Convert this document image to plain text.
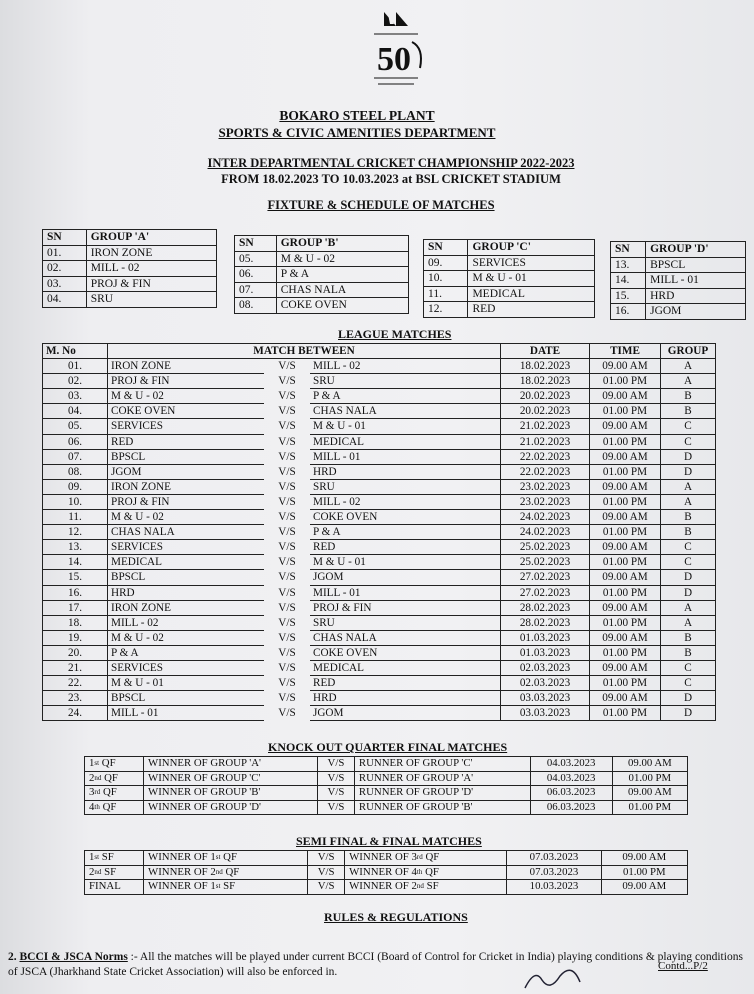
50
BOKARO STEEL PLANT
SPORTS & CIVIC AMENITIES DEPARTMENT
INTER DEPARTMENTAL CRICKET CHAMPIONSHIP 2022-2023
FROM 18.02.2023 TO 10.03.2023 at BSL CRICKET STADIUM
FIXTURE & SCHEDULE OF MATCHES
SN	GROUP 'A'
01.	IRON ZONE
02.	MILL - 02
03.	PROJ & FIN
04.	SRU
SN	GROUP 'B'
05.	M & U - 02
06.	P & A
07.	CHAS NALA
08.	COKE OVEN
SN	GROUP 'C'
09.	SERVICES
10.	M & U - 01
11.	MEDICAL
12.	RED
SN	GROUP 'D'
13.	BPSCL
14.	MILL - 01
15.	HRD
16.	JGOM
LEAGUE MATCHES
M. No	MATCH BETWEEN			DATE	TIME	GROUP
01.	IRON ZONE	V/S	MILL - 02	18.02.2023	09.00 AM	A
02.	PROJ & FIN	V/S	SRU	18.02.2023	01.00 PM	A
03.	M & U - 02	V/S	P & A	20.02.2023	09.00 AM	B
04.	COKE OVEN	V/S	CHAS NALA	20.02.2023	01.00 PM	B
05.	SERVICES	V/S	M & U - 01	21.02.2023	09.00 AM	C
06.	RED	V/S	MEDICAL	21.02.2023	01.00 PM	C
07.	BPSCL	V/S	MILL - 01	22.02.2023	09.00 AM	D
08.	JGOM	V/S	HRD	22.02.2023	01.00 PM	D
09.	IRON ZONE	V/S	SRU	23.02.2023	09.00 AM	A
10.	PROJ & FIN	V/S	MILL - 02	23.02.2023	01.00 PM	A
11.	M & U - 02	V/S	COKE OVEN	24.02.2023	09.00 AM	B
12.	CHAS NALA	V/S	P & A	24.02.2023	01.00 PM	B
13.	SERVICES	V/S	RED	25.02.2023	09.00 AM	C
14.	MEDICAL	V/S	M & U - 01	25.02.2023	01.00 PM	C
15.	BPSCL	V/S	JGOM	27.02.2023	09.00 AM	D
16.	HRD	V/S	MILL - 01	27.02.2023	01.00 PM	D
17.	IRON ZONE	V/S	PROJ & FIN	28.02.2023	09.00 AM	A
18.	MILL - 02	V/S	SRU	28.02.2023	01.00 PM	A
19.	M & U - 02	V/S	CHAS NALA	01.03.2023	09.00 AM	B
20.	P & A	V/S	COKE OVEN	01.03.2023	01.00 PM	B
21.	SERVICES	V/S	MEDICAL	02.03.2023	09.00 AM	C
22.	M & U - 01	V/S	RED	02.03.2023	01.00 PM	C
23.	BPSCL	V/S	HRD	03.03.2023	09.00 AM	D
24.	MILL - 01	V/S	JGOM	03.03.2023	01.00 PM	D
KNOCK OUT QUARTER FINAL MATCHES
1st QF	WINNER OF GROUP 'A'	V/S	RUNNER OF GROUP 'C'	04.03.2023	09.00 AM
2nd QF	WINNER OF GROUP 'C'	V/S	RUNNER OF GROUP 'A'	04.03.2023	01.00 PM
3rd QF	WINNER OF GROUP 'B'	V/S	RUNNER OF GROUP 'D'	06.03.2023	09.00 AM
4th QF	WINNER OF GROUP 'D'	V/S	RUNNER OF GROUP 'B'	06.03.2023	01.00 PM
SEMI FINAL & FINAL MATCHES
1st SF	WINNER OF 1st QF	V/S	WINNER OF 3rd QF	07.03.2023	09.00 AM
2nd SF	WINNER OF 2nd QF	V/S	WINNER OF 4th QF	07.03.2023	01.00 PM
FINAL	WINNER OF 1st SF	V/S	WINNER OF 2nd SF	10.03.2023	09.00 AM
RULES & REGULATIONS
2. BCCI & JSCA Norms :- All the matches will be played under current BCCI (Board of Control for Cricket in India) playing conditions & playing conditions of JSCA (Jharkhand State Cricket Association) will also be enforced in.	Contd...P/2
